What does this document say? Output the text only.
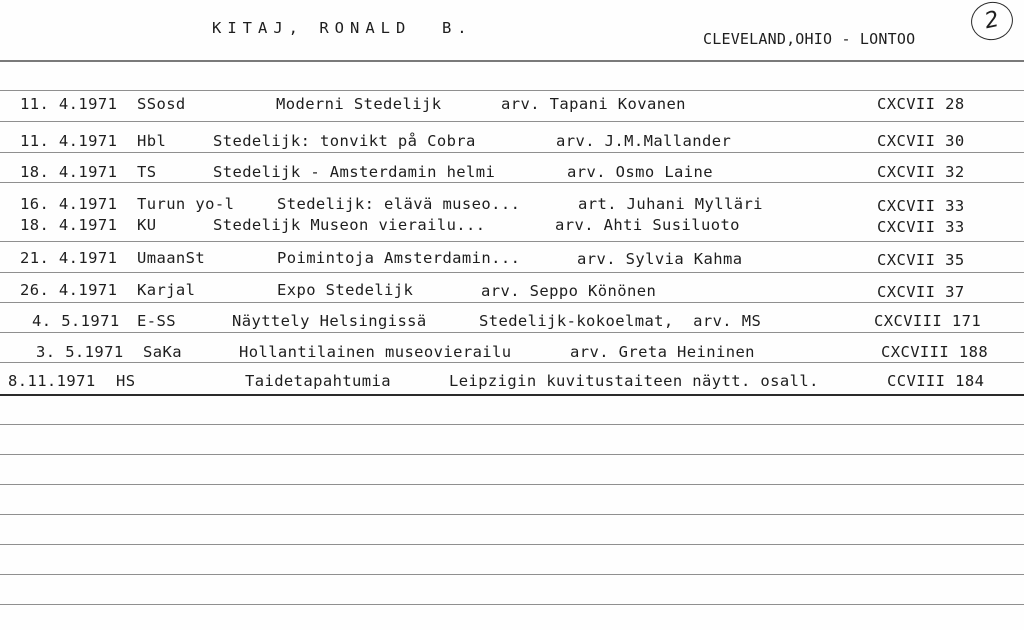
KITAJ, RONALD  B.
CLEVELAND,OHIO - LONTOO
2
11. 4.1971 SSosd	Moderni Stedelijk	arv. Tapani Kovanen	CXCVII 28
11. 4.1971 Hbl	Stedelijk: tonvikt på Cobra	arv. J.M.Mallander	CXCVII 30
18. 4.1971 TS	Stedelijk - Amsterdamin helmi	arv. Osmo Laine	CXCVII 32
16. 4.1971 Turun yo-l	Stedelijk: elävä museo...	art. Juhani Mylläri	CXCVII 33
18. 4.1971 KU	Stedelijk Museon vierailu...	arv. Ahti Susiluoto	CXCVII 33
21. 4.1971 UmaanSt	Poimintoja Amsterdamin...	arv. Sylvia Kahma	CXCVII 35
26. 4.1971 Karjal	Expo Stedelijk	arv. Seppo Könönen	CXCVII 37
4. 5.1971 E-SS	Näyttely Helsingissä	Stedelijk-kokoelmat,  arv. MS	CXCVIII 171
3. 5.1971 SaKa	Hollantilainen museovierailu	arv. Greta Heininen	CXCVIII 188
8.11.1971 HS	Taidetapahtumia	Leipzigin kuvitustaiteen näytt. osall.	CCVIII 184
